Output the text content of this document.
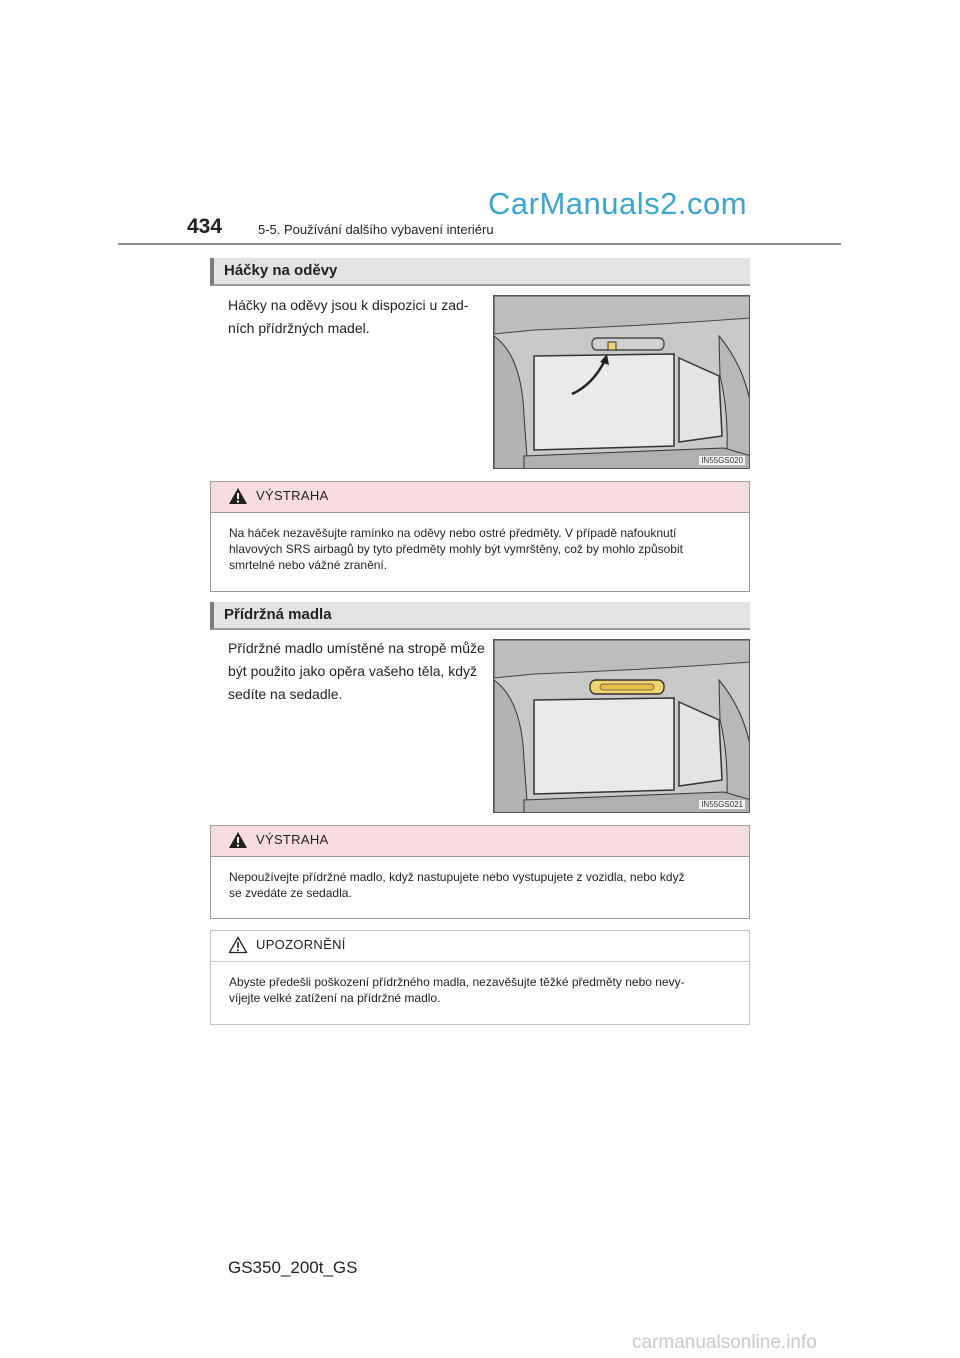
434	5-5. Používání dalšího vybavení interiéru
CarManuals2.com
Háčky na oděvy
Háčky na oděvy jsou k dispozici u zad-
ních přídržných madel.
IN55GS020
VÝSTRAHA
Na háček nezavěšujte ramínko na oděvy nebo ostré předměty. V případě nafouknutí
hlavových SRS airbagů by tyto předměty mohly být vymrštěny, což by mohlo způsobit
smrtelné nebo vážné zranění.
Přídržná madla
Přídržné madlo umístěné na stropě může
být použito jako opěra vašeho těla, když
sedíte na sedadle.
IN55GS021
VÝSTRAHA
Nepoužívejte přídržné madlo, když nastupujete nebo vystupujete z vozidla, nebo když
se zvedáte ze sedadla.
UPOZORNĚNÍ
Abyste předešli poškození přídržného madla, nezavěšujte těžké předměty nebo nevy-
víjejte velké zatížení na přídržné madlo.
GS350_200t_GS
carmanualsonline.info
